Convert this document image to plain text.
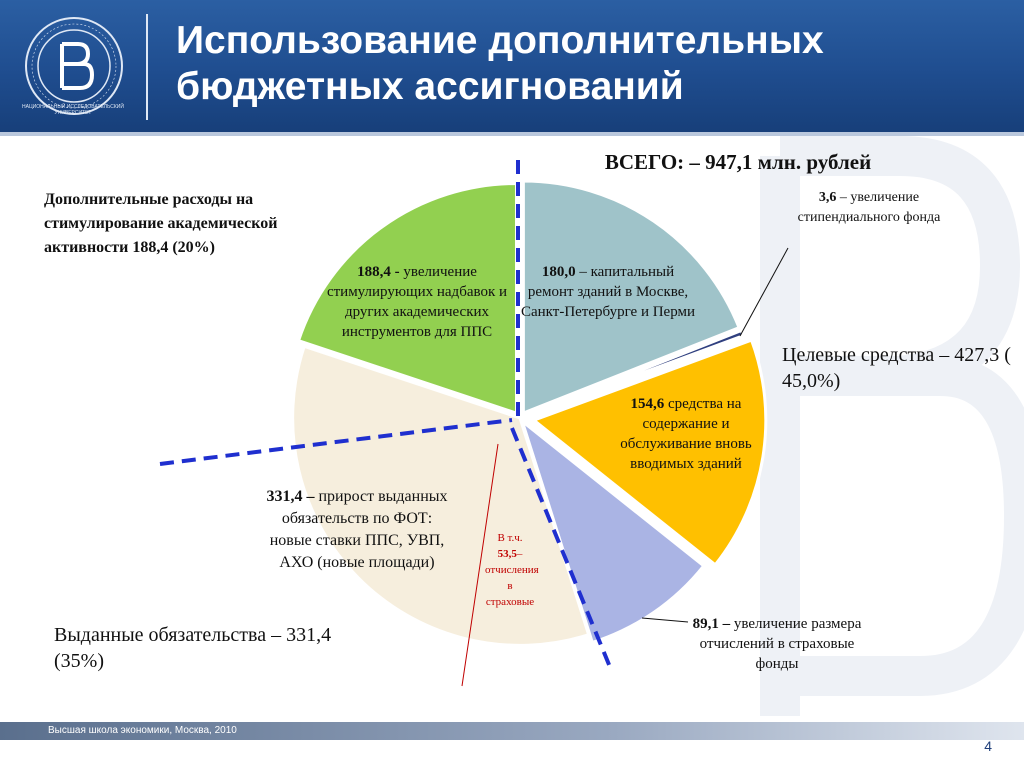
НАЦИОНАЛЬНЫЙ ИССЛЕДОВАТЕЛЬСКИЙ
УНИВЕРСИТЕТ
Использование дополнительных
бюджетных ассигнований
ВСЕГО: – 947,1 млн. рублей
3,6 – увеличение стипендиального фонда
180,0 – капитальный ремонт зданий в Москве, Санкт-Петербурге и Перми
154,6 средства на содержание и обслуживание вновь вводимых зданий
89,1 – увеличение размера отчислений в страховые фонды
331,4 – прирост выданных обязательств по ФОТ: новые ставки ППС, УВП, АХО (новые площади)
188,4 - увеличение стимулирующих надбавок и других академических инструментов для ППС
В т.ч.
53,5–
отчисления в страховые
Дополнительные расходы на стимулирование академической активности 188,4 (20%)
Целевые средства – 427,3 ( 45,0%)
Выданные обязательства – 331,4 (35%)
Высшая школа экономики, Москва, 2010
4
